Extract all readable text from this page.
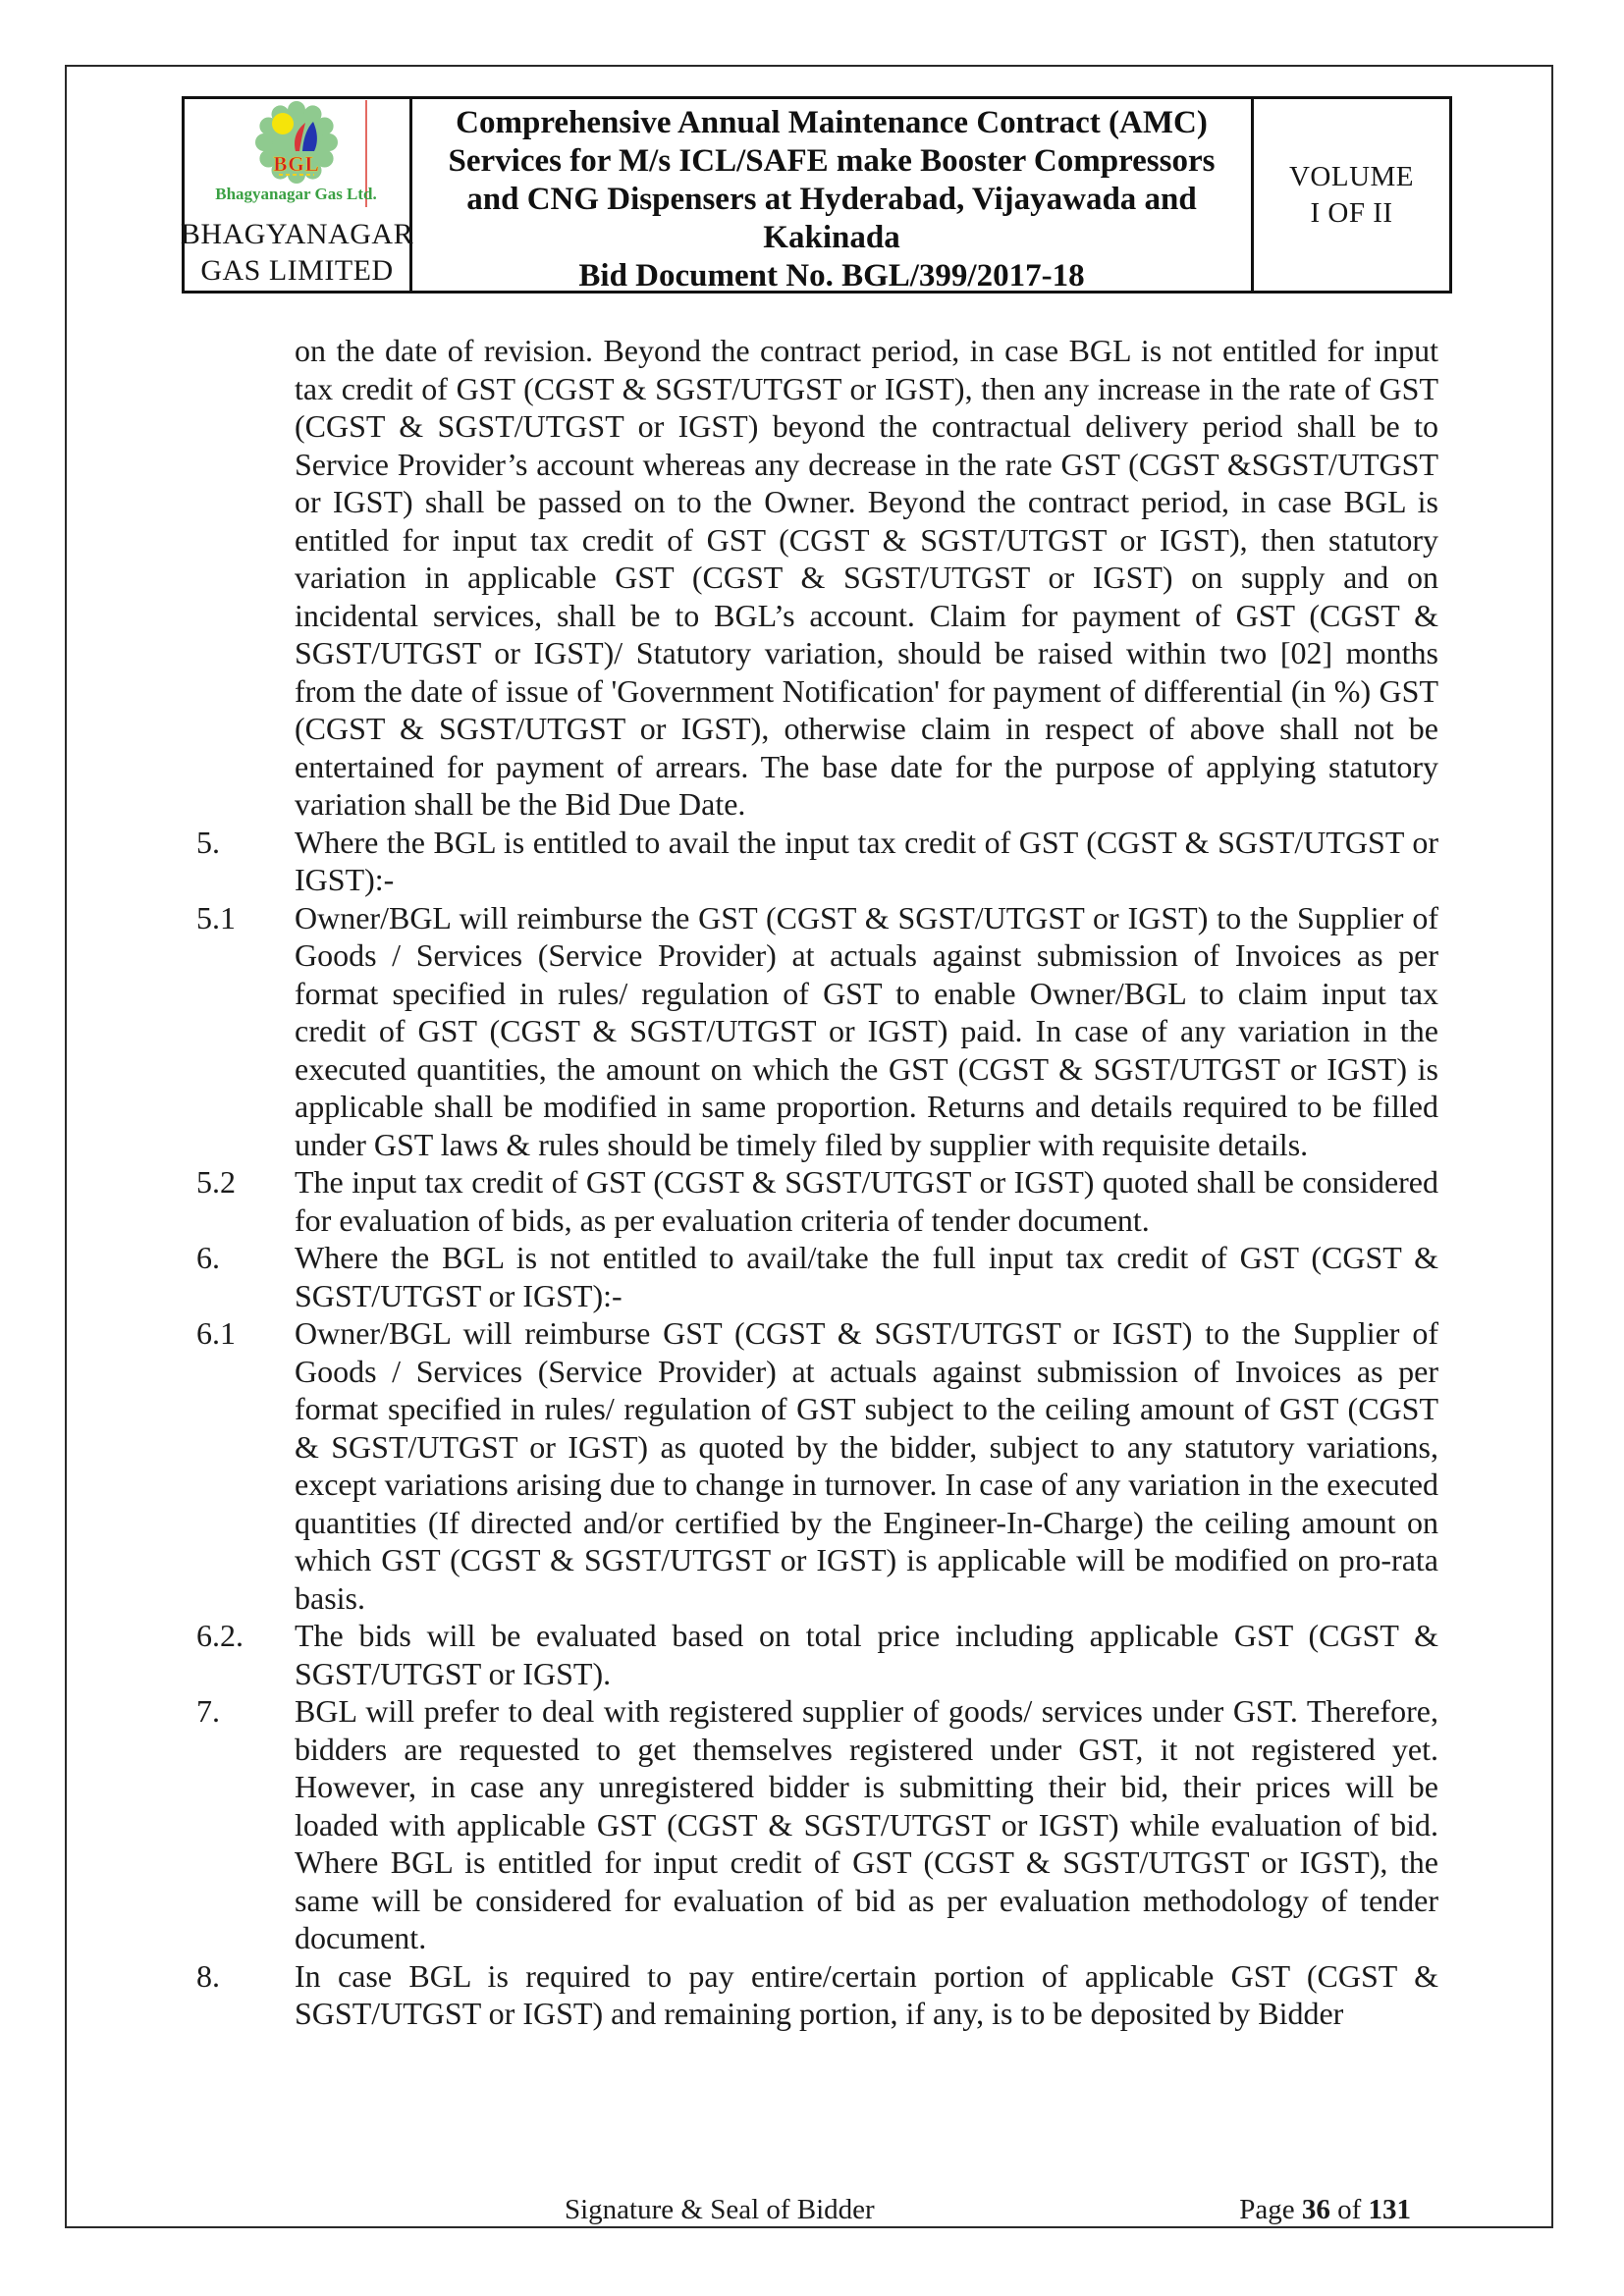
BGL
Bhagyanagar Gas Ltd.
BHAGYANAGAR
GAS LIMITED
Comprehensive Annual Maintenance Contract (AMC) Services for M/s ICL/SAFE make Booster Compressors and CNG Dispensers at Hyderabad, Vijayawada and Kakinada
Bid Document No. BGL/399/2017-18
VOLUME
I OF II
on the date of revision. Beyond the contract period, in case BGL is not entitled for input tax credit of GST (CGST & SGST/UTGST or IGST), then any increase in the rate of GST (CGST & SGST/UTGST or IGST) beyond the contractual delivery period shall be to Service Provider’s account whereas any decrease in the rate GST (CGST &SGST/UTGST or IGST) shall be passed on to the Owner. Beyond the contract period, in case BGL is entitled for input tax credit of GST (CGST & SGST/UTGST or IGST), then statutory variation in applicable GST (CGST & SGST/UTGST or IGST) on supply and on incidental services, shall be to BGL’s account. Claim for payment of GST (CGST & SGST/UTGST or IGST)/ Statutory variation, should be raised within two [02] months from the date of issue of 'Government Notification' for payment of differential (in %) GST (CGST & SGST/UTGST or IGST), otherwise claim in respect of above shall not be entertained for payment of arrears. The base date for the purpose of applying statutory variation shall be the Bid Due Date.
5. Where the BGL is entitled to avail the input tax credit of GST (CGST & SGST/UTGST or IGST):-
5.1 Owner/BGL will reimburse the GST (CGST & SGST/UTGST or IGST) to the Supplier of Goods / Services (Service Provider) at actuals against submission of Invoices as per format specified in rules/ regulation of GST to enable Owner/BGL to claim input tax credit of GST (CGST & SGST/UTGST or IGST) paid. In case of any variation in the executed quantities, the amount on which the GST (CGST & SGST/UTGST or IGST) is applicable shall be modified in same proportion. Returns and details required to be filled under GST laws & rules should be timely filed by supplier with requisite details.
5.2 The input tax credit of GST (CGST & SGST/UTGST or IGST) quoted shall be considered for evaluation of bids, as per evaluation criteria of tender document.
6. Where the BGL is not entitled to avail/take the full input tax credit of GST (CGST & SGST/UTGST or IGST):-
6.1 Owner/BGL will reimburse GST (CGST & SGST/UTGST or IGST) to the Supplier of Goods / Services (Service Provider) at actuals against submission of Invoices as per format specified in rules/ regulation of GST subject to the ceiling amount of GST (CGST & SGST/UTGST or IGST) as quoted by the bidder, subject to any statutory variations, except variations arising due to change in turnover. In case of any variation in the executed quantities (If directed and/or certified by the Engineer-In-Charge) the ceiling amount on which GST (CGST & SGST/UTGST or IGST) is applicable will be modified on pro-rata basis.
6.2. The bids will be evaluated based on total price including applicable GST (CGST & SGST/UTGST or IGST).
7. BGL will prefer to deal with registered supplier of goods/ services under GST. Therefore, bidders are requested to get themselves registered under GST, it not registered yet. However, in case any unregistered bidder is submitting their bid, their prices will be loaded with applicable GST (CGST & SGST/UTGST or IGST) while evaluation of bid. Where BGL is entitled for input credit of GST (CGST & SGST/UTGST or IGST), the same will be considered for evaluation of bid as per evaluation methodology of tender document.
8. In case BGL is required to pay entire/certain portion of applicable GST (CGST & SGST/UTGST or IGST) and remaining portion, if any, is to be deposited by Bidder
Signature & Seal of Bidder	Page 36 of 131
